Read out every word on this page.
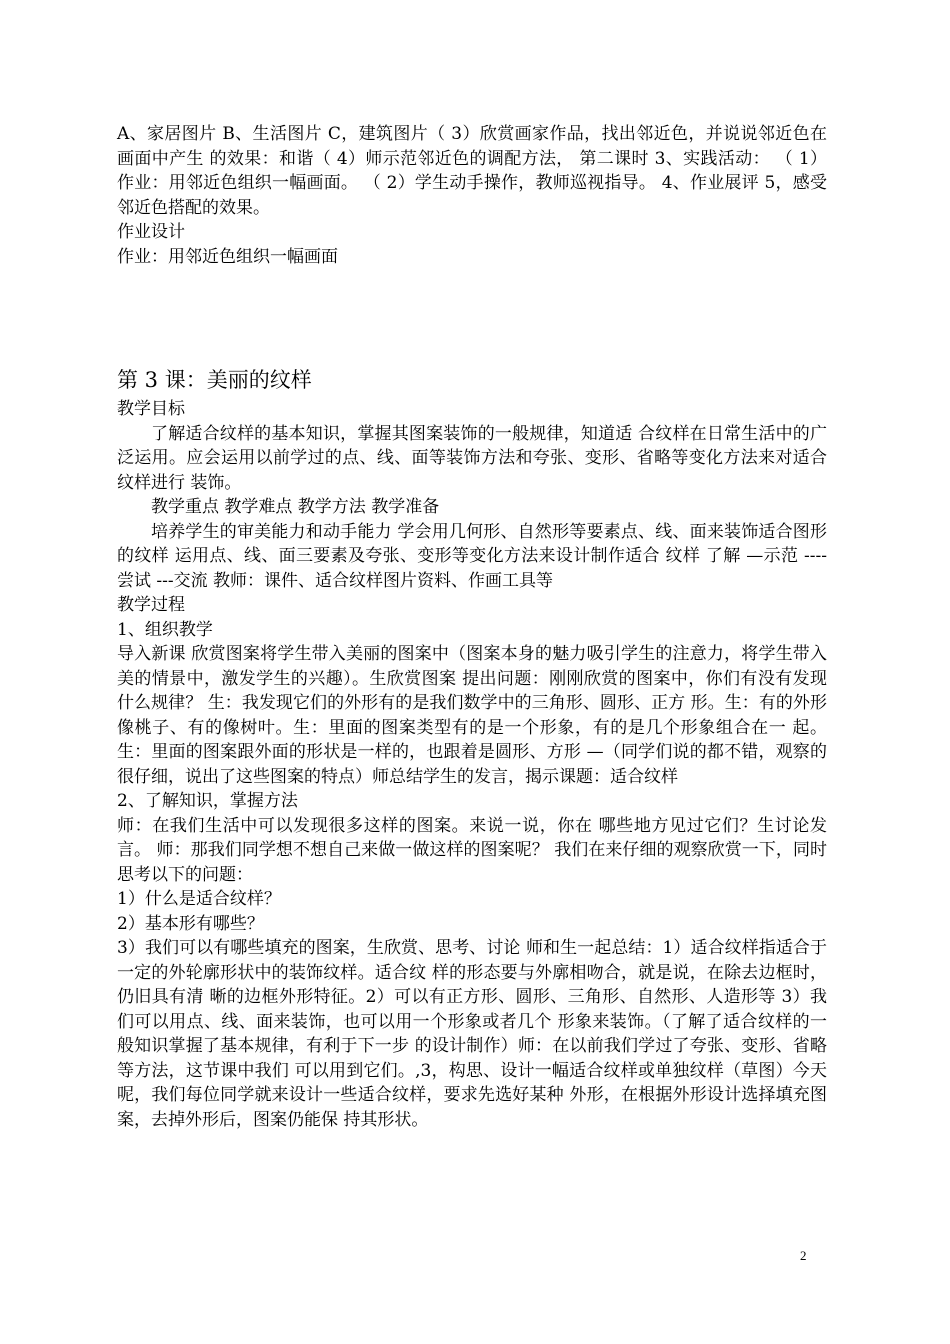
A、家居图片 B、生活图片 C，建筑图片（ 3）欣赏画家作品，找出邻近色，并说说邻近色在画面中产生 的效果：和谐（ 4）师示范邻近色的调配方法， 第二课时 3、实践活动： （ 1）作业：用邻近色组织一幅画面。 （ 2）学生动手操作，教师巡视指导。 4、作业展评 5，感受邻近色搭配的效果。

作业设计

作业：用邻近色组织一幅画面

第 3 课：美丽的纹样

教学目标

了解适合纹样的基本知识，掌握其图案装饰的一般规律，知道适 合纹样在日常生活中的广泛运用。应会运用以前学过的点、线、面等装饰方法和夸张、变形、省略等变化方法来对适合纹样进行 装饰。

教学重点 教学难点 教学方法 教学准备

培养学生的审美能力和动手能力 学会用几何形、自然形等要素点、线、面来装饰适合图形的纹样 运用点、线、面三要素及夸张、变形等变化方法来设计制作适合 纹样 了解 —示范 ----尝试 ---交流 教师：课件、适合纹样图片资料、作画工具等

教学过程

1、组织教学

导入新课 欣赏图案将学生带入美丽的图案中（图案本身的魅力吸引学生的注意力，将学生带入美的情景中，激发学生的兴趣）。生欣赏图案 提出问题：刚刚欣赏的图案中，你们有没有发现什么规律？ 生：我发现它们的外形有的是我们数学中的三角形、圆形、正方 形。生：有的外形像桃子、有的像树叶。生：里面的图案类型有的是一个形象，有的是几个形象组合在一 起。生：里面的图案跟外面的形状是一样的，也跟着是圆形、方形 —（同学们说的都不错，观察的很仔细，说出了这些图案的特点）师总结学生的发言，揭示课题：适合纹样

2、了解知识，掌握方法

师：在我们生活中可以发现很多这样的图案。来说一说，你在 哪些地方见过它们？生讨论发言。 师：那我们同学想不想自己来做一做这样的图案呢？ 我们在来仔细的观察欣赏一下，同时思考以下的问题：

1）什么是适合纹样？

2）基本形有哪些？

3）我们可以有哪些填充的图案，生欣赏、思考、讨论 师和生一起总结：1）适合纹样指适合于一定的外轮廓形状中的装饰纹样。适合纹 样的形态要与外廓相吻合，就是说，在除去边框时，仍旧具有清 晰的边框外形特征。2）可以有正方形、圆形、三角形、自然形、人造形等 3）我们可以用点、线、面来装饰，也可以用一个形象或者几个 形象来装饰。（了解了适合纹样的一般知识掌握了基本规律，有利于下一步 的设计制作）师：在以前我们学过了夸张、变形、省略等方法，这节课中我们 可以用到它们。,3，构思、设计一幅适合纹样或单独纹样（草图）今天呢，我们每位同学就来设计一些适合纹样，要求先选好某种 外形，在根据外形设计选择填充图案，去掉外形后，图案仍能保 持其形状。

2
